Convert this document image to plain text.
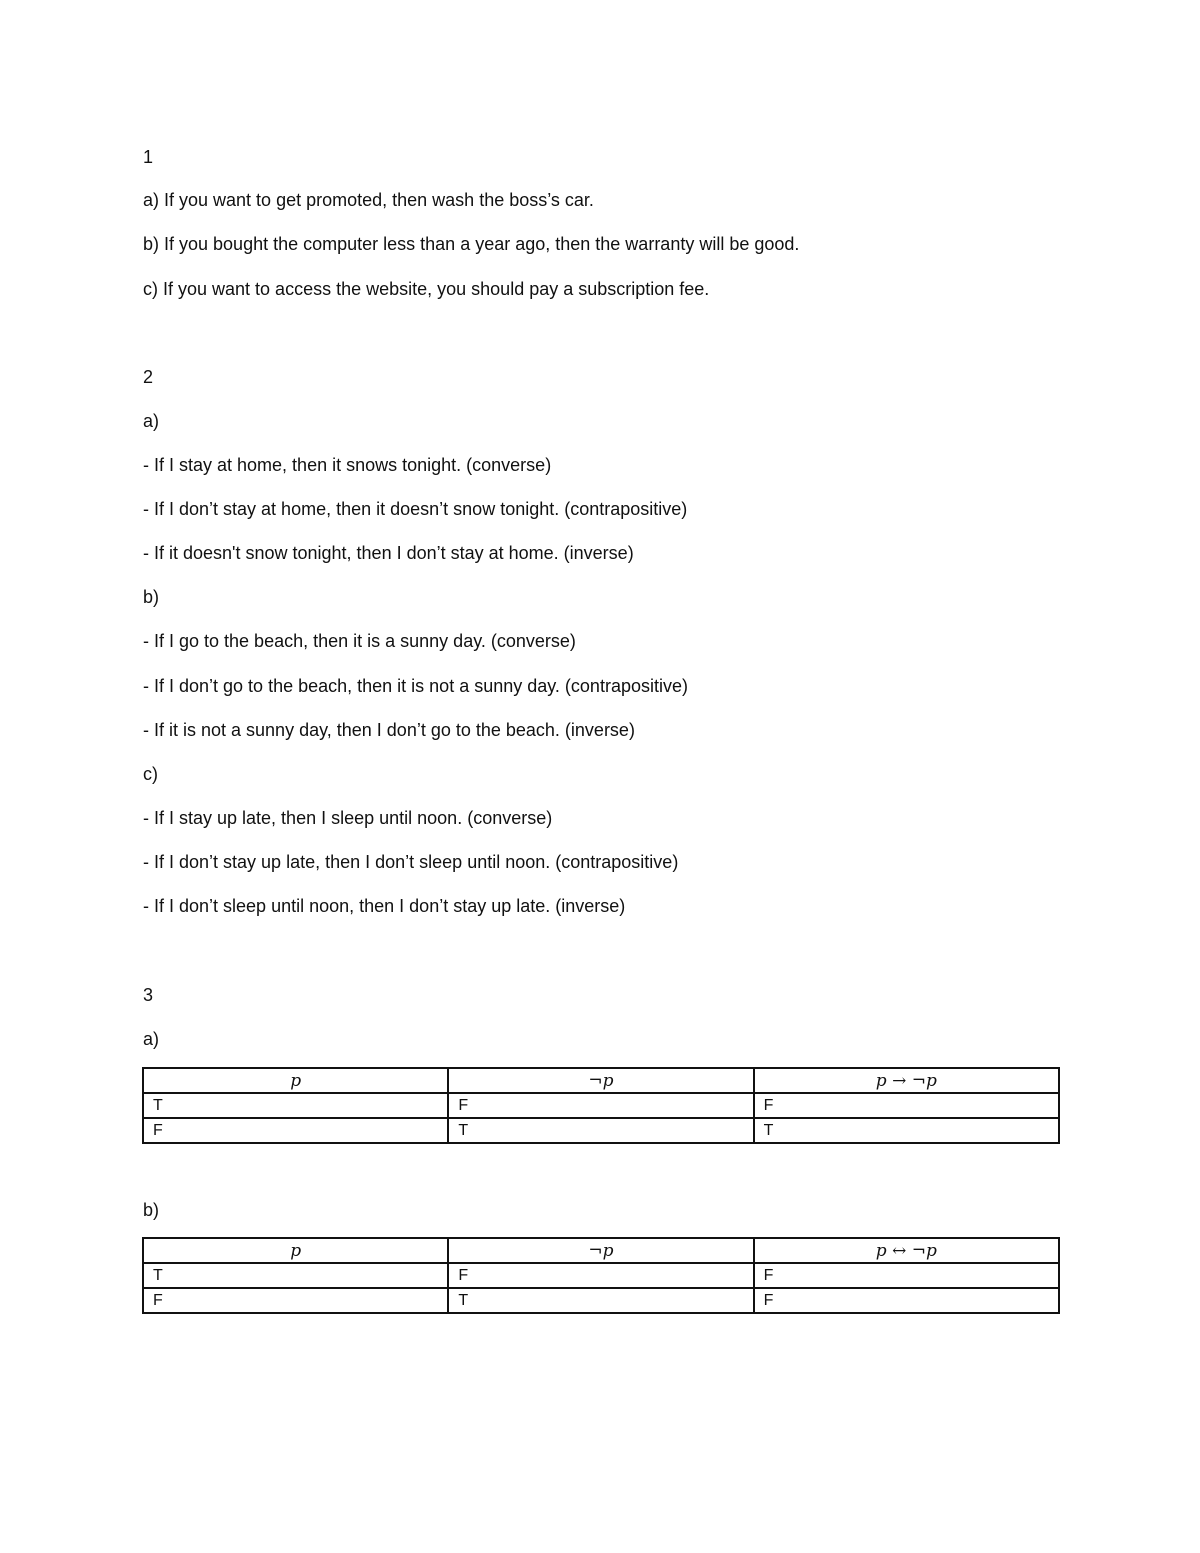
1
a) If you want to get promoted, then wash the boss’s car.
b) If you bought the computer less than a year ago, then the warranty will be good.
c) If you want to access the website, you should pay a subscription fee.
2
a)
- If I stay at home, then it snows tonight. (converse)
- If I don’t stay at home, then it doesn’t snow tonight. (contrapositive)
- If it doesn't snow tonight, then I don’t stay at home. (inverse)
b)
- If I go to the beach, then it is a sunny day. (converse)
- If I don’t go to the beach, then it is not a sunny day. (contrapositive)
- If it is not a sunny day, then I don’t go to the beach. (inverse)
c)
- If I stay up late, then I sleep until noon. (converse)
- If I don’t stay up late, then I don’t sleep until noon. (contrapositive)
- If I don’t sleep until noon, then I don’t stay up late. (inverse)
3
a)
p	¬p	p → ¬p
T	F	F
F	T	T
b)
p	¬p	p ↔ ¬p
T	F	F
F	T	F
